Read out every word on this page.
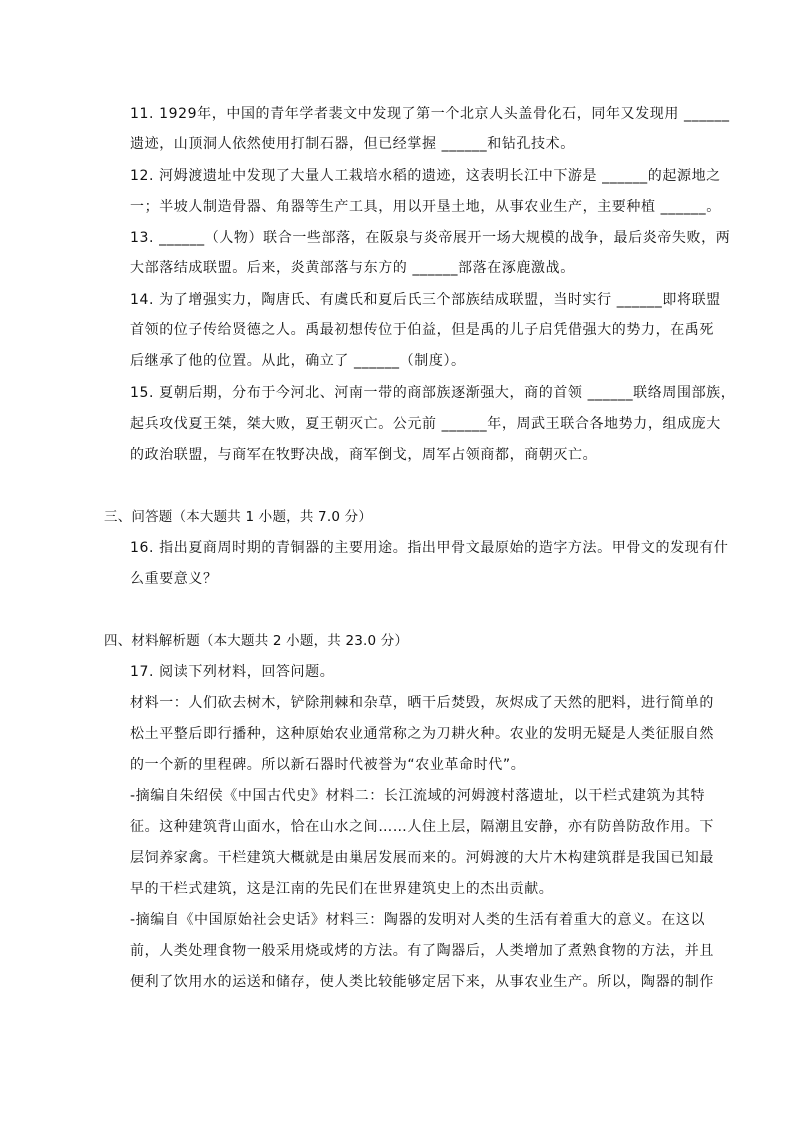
11. 1929年，中国的青年学者裴文中发现了第一个北京人头盖骨化石，同年又发现用 ______
遗迹，山顶洞人依然使用打制石器，但已经掌握 ______和钻孔技术。
12. 河姆渡遗址中发现了大量人工栽培水稻的遗迹，这表明长江中下游是 ______的起源地之
一；半坡人制造骨器、角器等生产工具，用以开垦土地，从事农业生产，主要种植 ______。
13. ______（人物）联合一些部落，在阪泉与炎帝展开一场大规模的战争，最后炎帝失败，两
大部落结成联盟。后来，炎黄部落与东方的 ______部落在涿鹿激战。
14. 为了增强实力，陶唐氏、有虞氏和夏后氏三个部族结成联盟，当时实行 ______即将联盟
首领的位子传给贤德之人。禹最初想传位于伯益，但是禹的儿子启凭借强大的势力，在禹死
后继承了他的位置。从此，确立了 ______（制度）。
15. 夏朝后期，分布于今河北、河南一带的商部族逐渐强大，商的首领 ______联络周围部族，
起兵攻伐夏王桀，桀大败，夏王朝灭亡。公元前 ______年，周武王联合各地势力，组成庞大
的政治联盟，与商军在牧野决战，商军倒戈，周军占领商都，商朝灭亡。
三、问答题（本大题共 1 小题，共 7.0 分）
16. 指出夏商周时期的青铜器的主要用途。指出甲骨文最原始的造字方法。甲骨文的发现有什
么重要意义？
四、材料解析题（本大题共 2 小题，共 23.0 分）
17. 阅读下列材料，回答问题。
材料一：人们砍去树木，铲除荆棘和杂草，晒干后焚毁，灰烬成了天然的肥料，进行简单的
松土平整后即行播种，这种原始农业通常称之为刀耕火种。农业的发明无疑是人类征服自然
的一个新的里程碑。所以新石器时代被誉为“农业革命时代”。
-摘编自朱绍侯《中国古代史》材料二：长江流域的河姆渡村落遗址，以干栏式建筑为其特
征。这种建筑背山面水，恰在山水之间……人住上层，隔潮且安静，亦有防兽防敌作用。下
层饲养家禽。干栏建筑大概就是由巢居发展而来的。河姆渡的大片木构建筑群是我国已知最
早的干栏式建筑，这是江南的先民们在世界建筑史上的杰出贡献。
-摘编自《中国原始社会史话》材料三：陶器的发明对人类的生活有着重大的意义。在这以
前，人类处理食物一般采用烧或烤的方法。有了陶器后，人类增加了煮熟食物的方法，并且
便利了饮用水的运送和储存，使人类比较能够定居下来，从事农业生产。所以，陶器的制作
